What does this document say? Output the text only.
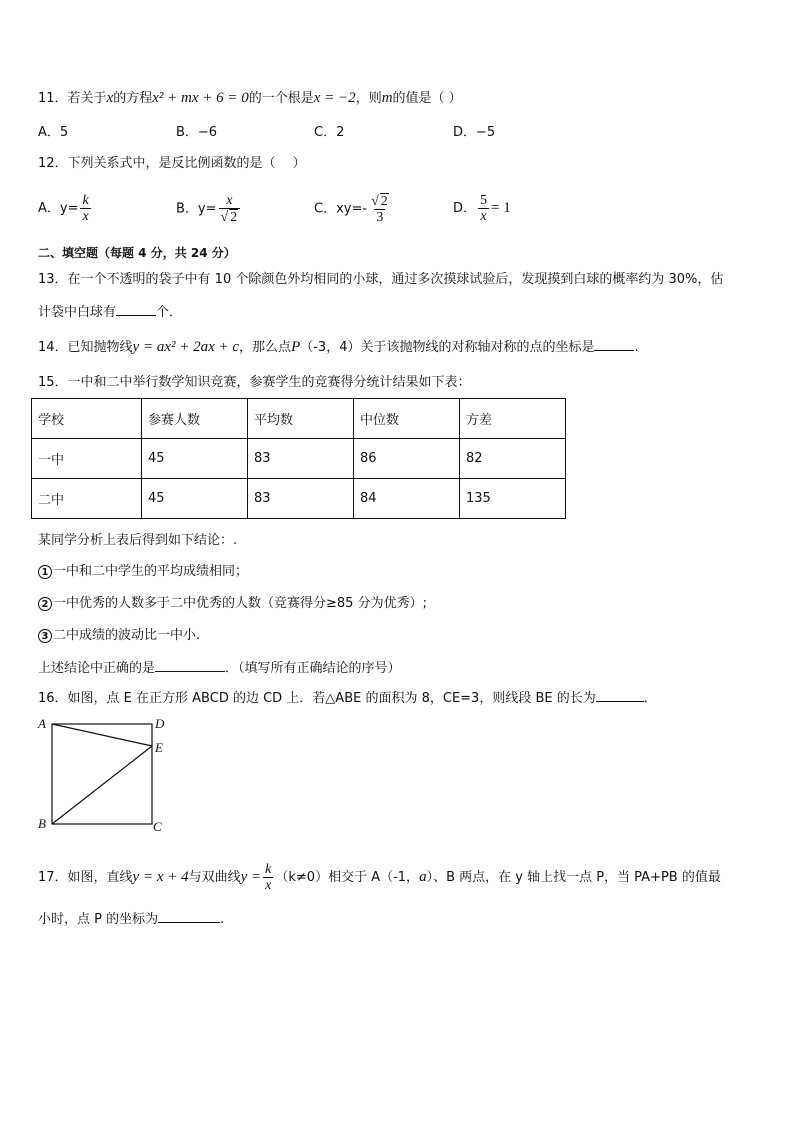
11．若关于x的方程x² + mx + 6 = 0的一个根是x = −2，则m的值是（ ）
A．5	B．−6	C．2	D．−5
12．下列关系式中，是反比例函数的是（　 ）
A．$y= \frac{k}{x}$	B．$y= \frac{x}{√ 2}$	C．$xy=- \frac{√ 2}{3}$	D． $\frac{5}{x} = 1$
二、填空题（每题 4 分，共 24 分）
13．在一个不透明的袋子中有 10 个除颜色外均相同的小球，通过多次摸球试验后，发现摸到白球的概率约为 30%，估
计袋中白球有	个．
14．已知抛物线y = ax² + 2ax + c，那么点P（-3，4）关于该抛物线的对称轴对称的点的坐标是	.
15．一中和二中举行数学知识竞赛，参赛学生的竞赛得分统计结果如下表：
学校	参赛人数	平均数	中位数	方差
一中	45	83	86	82
二中	45	83	84	135
某同学分析上表后得到如下结论：.
1 一中和二中学生的平均成绩相同；
2 一中优秀的人数多于二中优秀的人数（竞赛得分≥85 分为优秀）;
3 二中成绩的波动比一中小.
上述结论中正确的是	．（填写所有正确结论的序号）
16．如图，点 E 在正方形 ABCD 的边 CD 上．若△ABE 的面积为 8，CE=3，则线段 BE 的长为	．
A	D
E
B	C
17．如图，直线y = x + 4与双曲线$y = \frac{k}{x} (k\ne 0)$相交于 A（-1，a）、B 两点，在 y 轴上找一点 P，当 PA+PB 的值最
小时，点 P 的坐标为	.
